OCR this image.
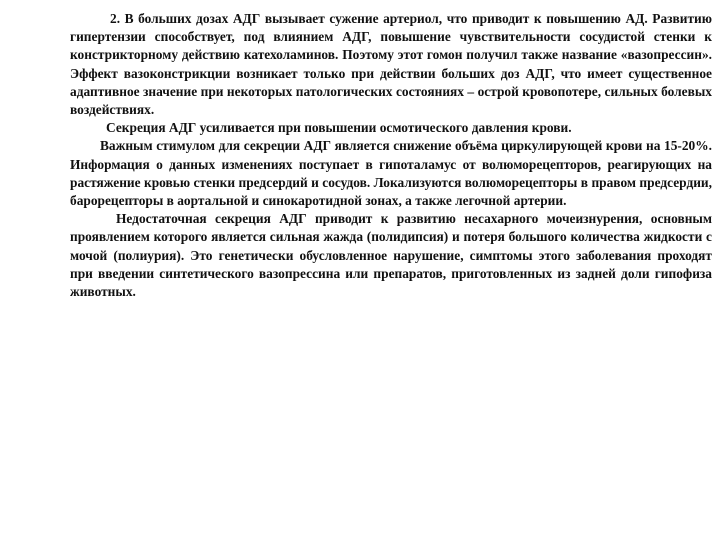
2. В больших дозах АДГ вызывает сужение артериол, что приводит к повышению АД. Развитию гипертензии способствует, под влиянием АДГ, повышение чувствительности сосудистой стенки к констрикторному действию катехоламинов. Поэтому этот гомон получил также название «вазопрессин». Эффект вазоконстрикции возникает только при действии больших доз АДГ, что имеет существенное адаптивное значение при некоторых патологических состояниях – острой кровопотере, сильных болевых воздействиях.

Секреция АДГ усиливается при повышении осмотического давления крови.

Важным стимулом для секреции АДГ является снижение объёма циркулирующей крови на 15-20%. Информация о данных изменениях поступает в гипоталамус от волюморецепторов, реагирующих на растяжение кровью стенки предсердий и сосудов. Локализуются волюморецепторы в правом предсердии, барорецепторы в аортальной и синокаротидной зонах, а также легочной артерии.

Недостаточная секреция АДГ приводит к развитию несахарного мочеизнурения, основным проявлением которого является сильная жажда (полидипсия) и потеря большого количества жидкости с мочой (полиурия). Это генетически обусловленное нарушение, симптомы этого заболевания проходят при введении синтетического вазопрессина или препаратов, приготовленных из задней доли гипофиза животных.
